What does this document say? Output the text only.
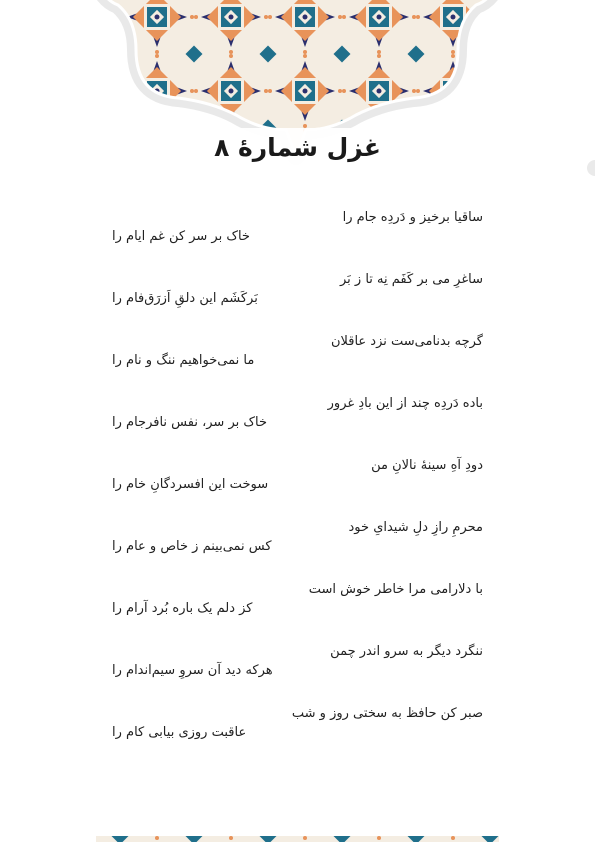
غزل شمارهٔ ۸
ساقیا برخیز و دَردِه جام را
خاک بر سر کن غم ایام را
ساغرِ می بر کَفَم نِه تا ز بَر
بَرکَشَم این دلقِ اَزرَق‌فام را
گرچه بدنامی‌ست نزد عاقلان
ما نمی‌خواهیم ننگ و نام را
باده دَردِه چند از این بادِ غرور
خاک بر سر، نفس نافرجام را
دودِ آهِ سینهٔ نالانِ من
سوخت این افسردگانِ خام را
محرمِ رازِ دلِ شیدایِ خود
کس نمی‌بینم ز خاص و عام را
با دلارامی مرا خاطر خوش است
کز دلم یک باره بُرد آرام را
ننگرد دیگر به سرو اندر چمن
هرکه دید آن سروِ سیم‌اندام را
صبر کن حافظ به سختی روز و شب
عاقبت روزی بیابی کام را
